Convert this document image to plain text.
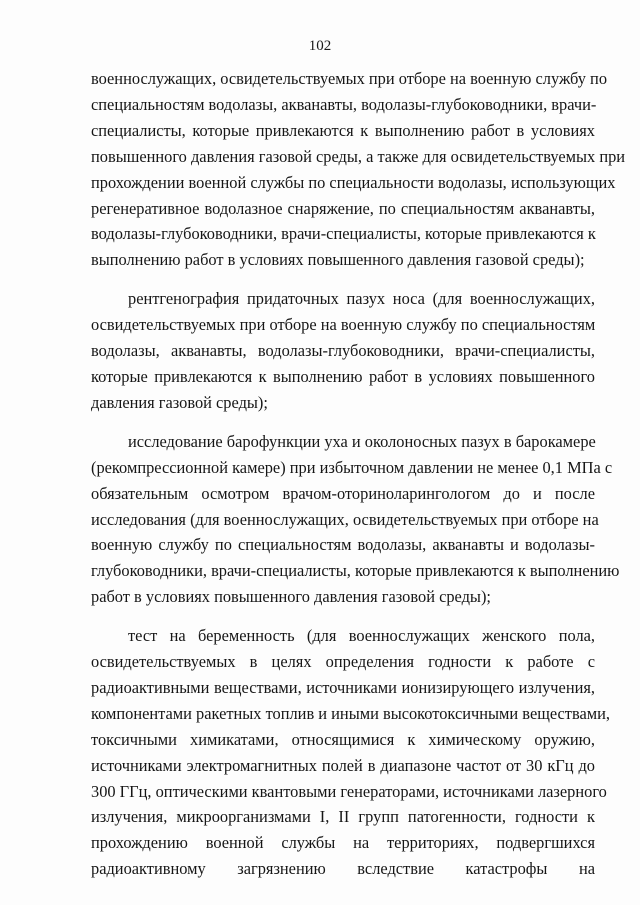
102
военнослужащих, освидетельствуемых при отборе на военную службу по
специальностям водолазы, акванавты, водолазы-глубоководники, врачи-
специалисты, которые привлекаются к выполнению работ в условиях
повышенного давления газовой среды, а также для освидетельствуемых при
прохождении военной службы по специальности водолазы, использующих
регенеративное водолазное снаряжение, по специальностям акванавты,
водолазы-глубоководники, врачи-специалисты, которые привлекаются к
выполнению работ в условиях повышенного давления газовой среды);
рентгенография придаточных пазух носа (для военнослужащих,
освидетельствуемых при отборе на военную службу по специальностям
водолазы, акванавты, водолазы-глубоководники, врачи-специалисты,
которые привлекаются к выполнению работ в условиях повышенного
давления газовой среды);
исследование барофункции уха и околоносных пазух в барокамере
(рекомпрессионной камере) при избыточном давлении не менее 0,1 МПа с
обязательным осмотром врачом-оториноларингологом до и после
исследования (для военнослужащих, освидетельствуемых при отборе на
военную службу по специальностям водолазы, акванавты и водолазы-
глубоководники, врачи-специалисты, которые привлекаются к выполнению
работ в условиях повышенного давления газовой среды);
тест на беременность (для военнослужащих женского пола,
освидетельствуемых в целях определения годности к работе с
радиоактивными веществами, источниками ионизирующего излучения,
компонентами ракетных топлив и иными высокотоксичными веществами,
токсичными химикатами, относящимися к химическому оружию,
источниками электромагнитных полей в диапазоне частот от 30 кГц до
300 ГГц, оптическими квантовыми генераторами, источниками лазерного
излучения, микроорганизмами I, II групп патогенности, годности к
прохождению военной службы на территориях, подвергшихся
радиоактивному загрязнению вследствие катастрофы на
